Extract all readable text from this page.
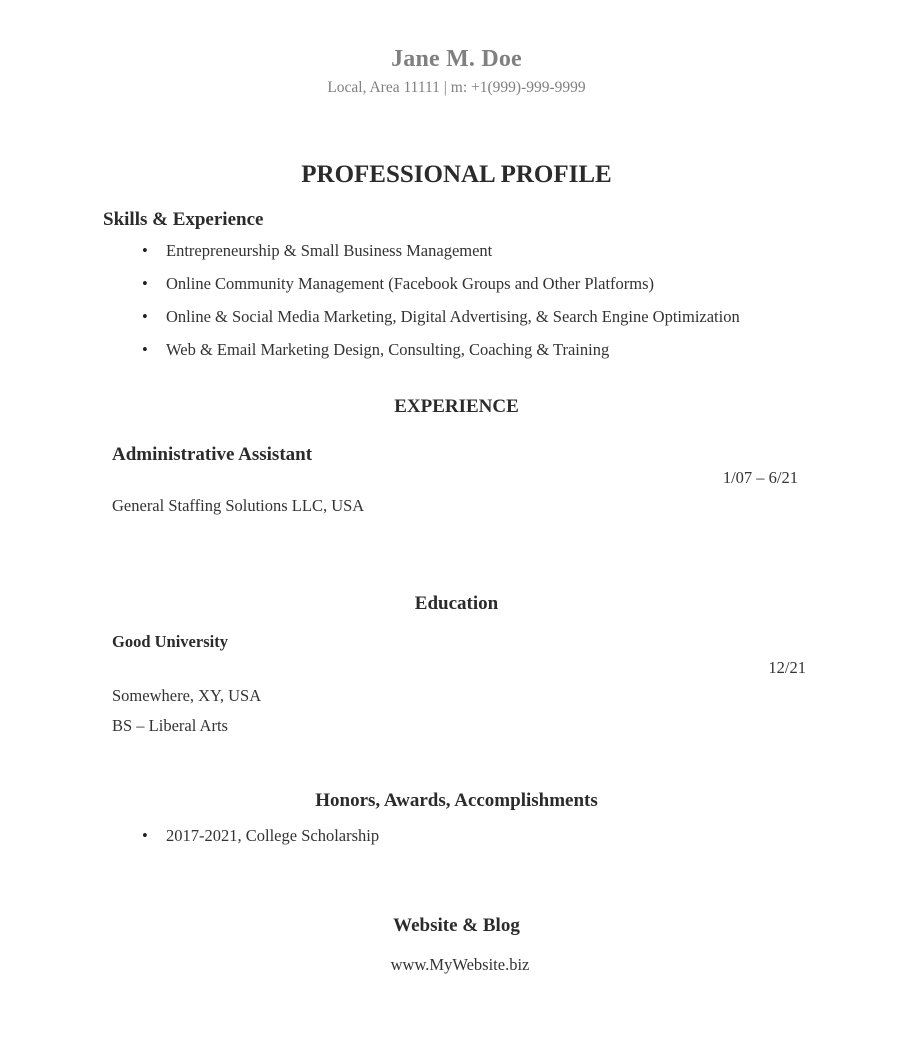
Jane M. Doe
Local, Area 11111 | m: +1(999)-999-9999
PROFESSIONAL PROFILE
Skills & Experience
• Entrepreneurship & Small Business Management
• Online Community Management (Facebook Groups and Other Platforms)
• Online & Social Media Marketing, Digital Advertising, & Search Engine Optimization
• Web & Email Marketing Design, Consulting, Coaching & Training
EXPERIENCE
Administrative Assistant
1/07 – 6/21
General Staffing Solutions LLC, USA
Education
Good University
12/21
Somewhere, XY, USA
BS – Liberal Arts
Honors, Awards, Accomplishments
• 2017-2021, College Scholarship
Website & Blog
www.MyWebsite.biz
